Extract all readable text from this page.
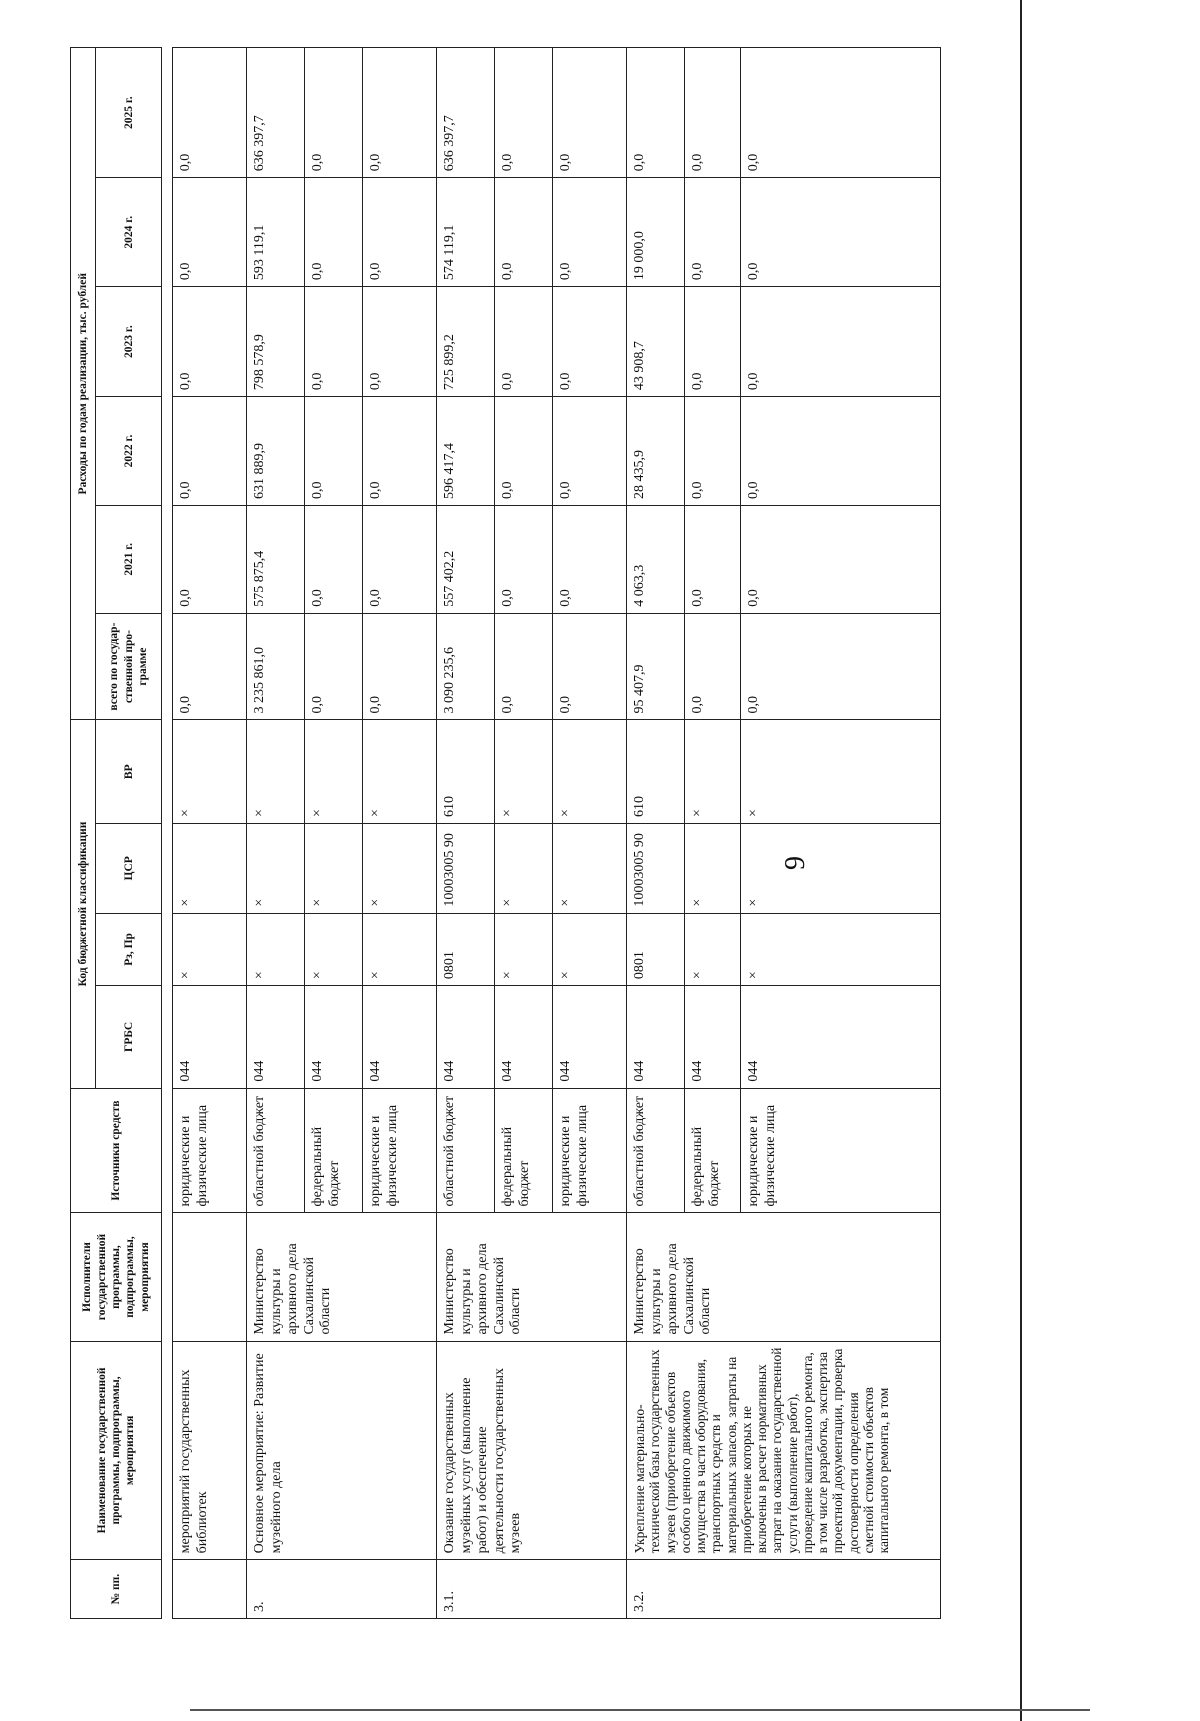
9
№ пп.	Наименование государственной программы, подпрограммы, мероприятия	Исполнители государственной программы, подпрограммы, мероприятия	Источники средств	Код бюджетной классификации				Расходы по годам реализации, тыс. рублей					
				ГРБС	Рз, Пр	ЦСР	ВР	всего по государ-ственной про-грамме	2021 г.	2022 г.	2023 г.	2024 г.	2025 г.
	мероприятий государственных библиотек		юридические и физические лица	044	×	×	×	0,0	0,0	0,0	0,0	0,0	0,0
3.	Основное мероприятие: Развитие музейного дела	Министерство культуры и архивного дела Сахалинской области	областной бюджет	044	×	×	×	3 235 861,0	575 875,4	631 889,9	798 578,9	593 119,1	636 397,7
			федеральный бюджет	044	×	×	×	0,0	0,0	0,0	0,0	0,0	0,0
			юридические и физические лица	044	×	×	×	0,0	0,0	0,0	0,0	0,0	0,0
3.1.	Оказание государственных музейных услуг (выполнение работ) и обеспечение деятельности государственных музеев	Министерство культуры и архивного дела Сахалинской области	областной бюджет	044	0801	10003005 90	610	3 090 235,6	557 402,2	596 417,4	725 899,2	574 119,1	636 397,7
			федеральный бюджет	044	×	×	×	0,0	0,0	0,0	0,0	0,0	0,0
			юридические и физические лица	044	×	×	×	0,0	0,0	0,0	0,0	0,0	0,0
3.2.	Укрепление материально-технической базы государственных музеев (приобретение объектов особого ценного движимого имущества в части оборудования, транспортных средств и материальных запасов, затраты на приобретение которых не включены в расчет нормативных затрат на оказание государственной услуги (выполнение работ), проведение капитального ремонта, в том числе разработка, экспертиза проектной документации, проверка достоверности определения сметной стоимости объектов капитального ремонта, в том	Министерство культуры и архивного дела Сахалинской области	областной бюджет	044	0801	10003005 90	610	95 407,9	4 063,3	28 435,9	43 908,7	19 000,0	0,0
			федеральный бюджет	044	×	×	×	0,0	0,0	0,0	0,0	0,0	0,0
			юридические и физические лица	044	×	×	×	0,0	0,0	0,0	0,0	0,0	0,0
